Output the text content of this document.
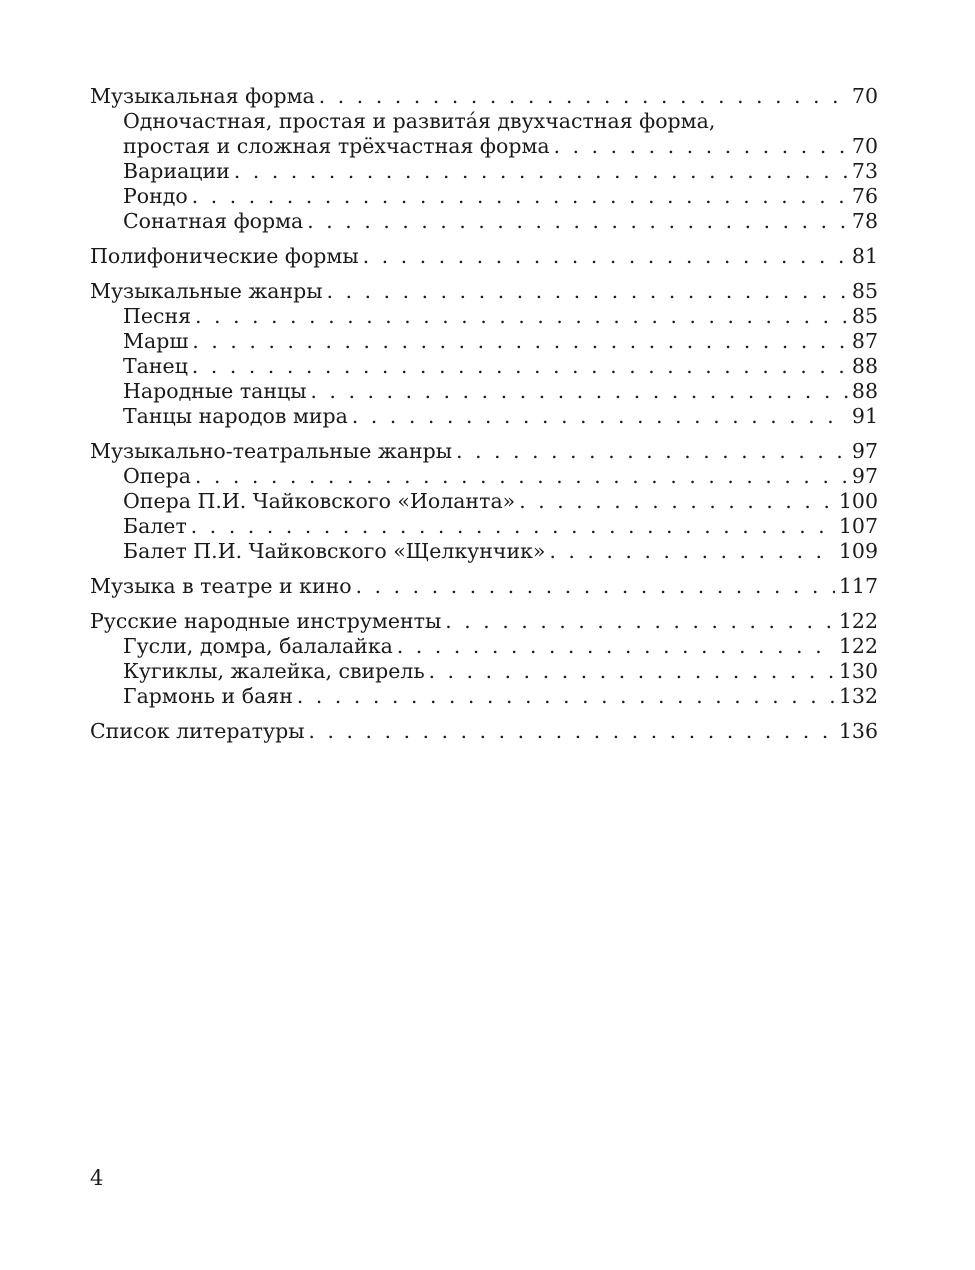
Музыкальная форма . . .	70
Одночастная, простая и развитáя двухчастная форма,
простая и сложная трёхчастная форма . . .	70
Вариации . . .	73
Рондо . . .	76
Сонатная форма . . .	78
Полифонические формы . . .	81
Музыкальные жанры . . .	85
Песня . . .	85
Марш . . .	87
Танец . . .	88
Народные танцы . . .	88
Танцы народов мира . . .	91
Музыкально-театральные жанры . . .	97
Опера . . .	97
Опера П.И. Чайковского «Иоланта» . . .	100
Балет . . .	107
Балет П.И. Чайковского «Щелкунчик» . . .	109
Музыка в театре и кино . . .	117
Русские народные инструменты . . .	122
Гусли, домра, балалайка . . .	122
Кугиклы, жалейка, свирель . . .	130
Гармонь и баян . . .	132
Список литературы . . .	136
4
